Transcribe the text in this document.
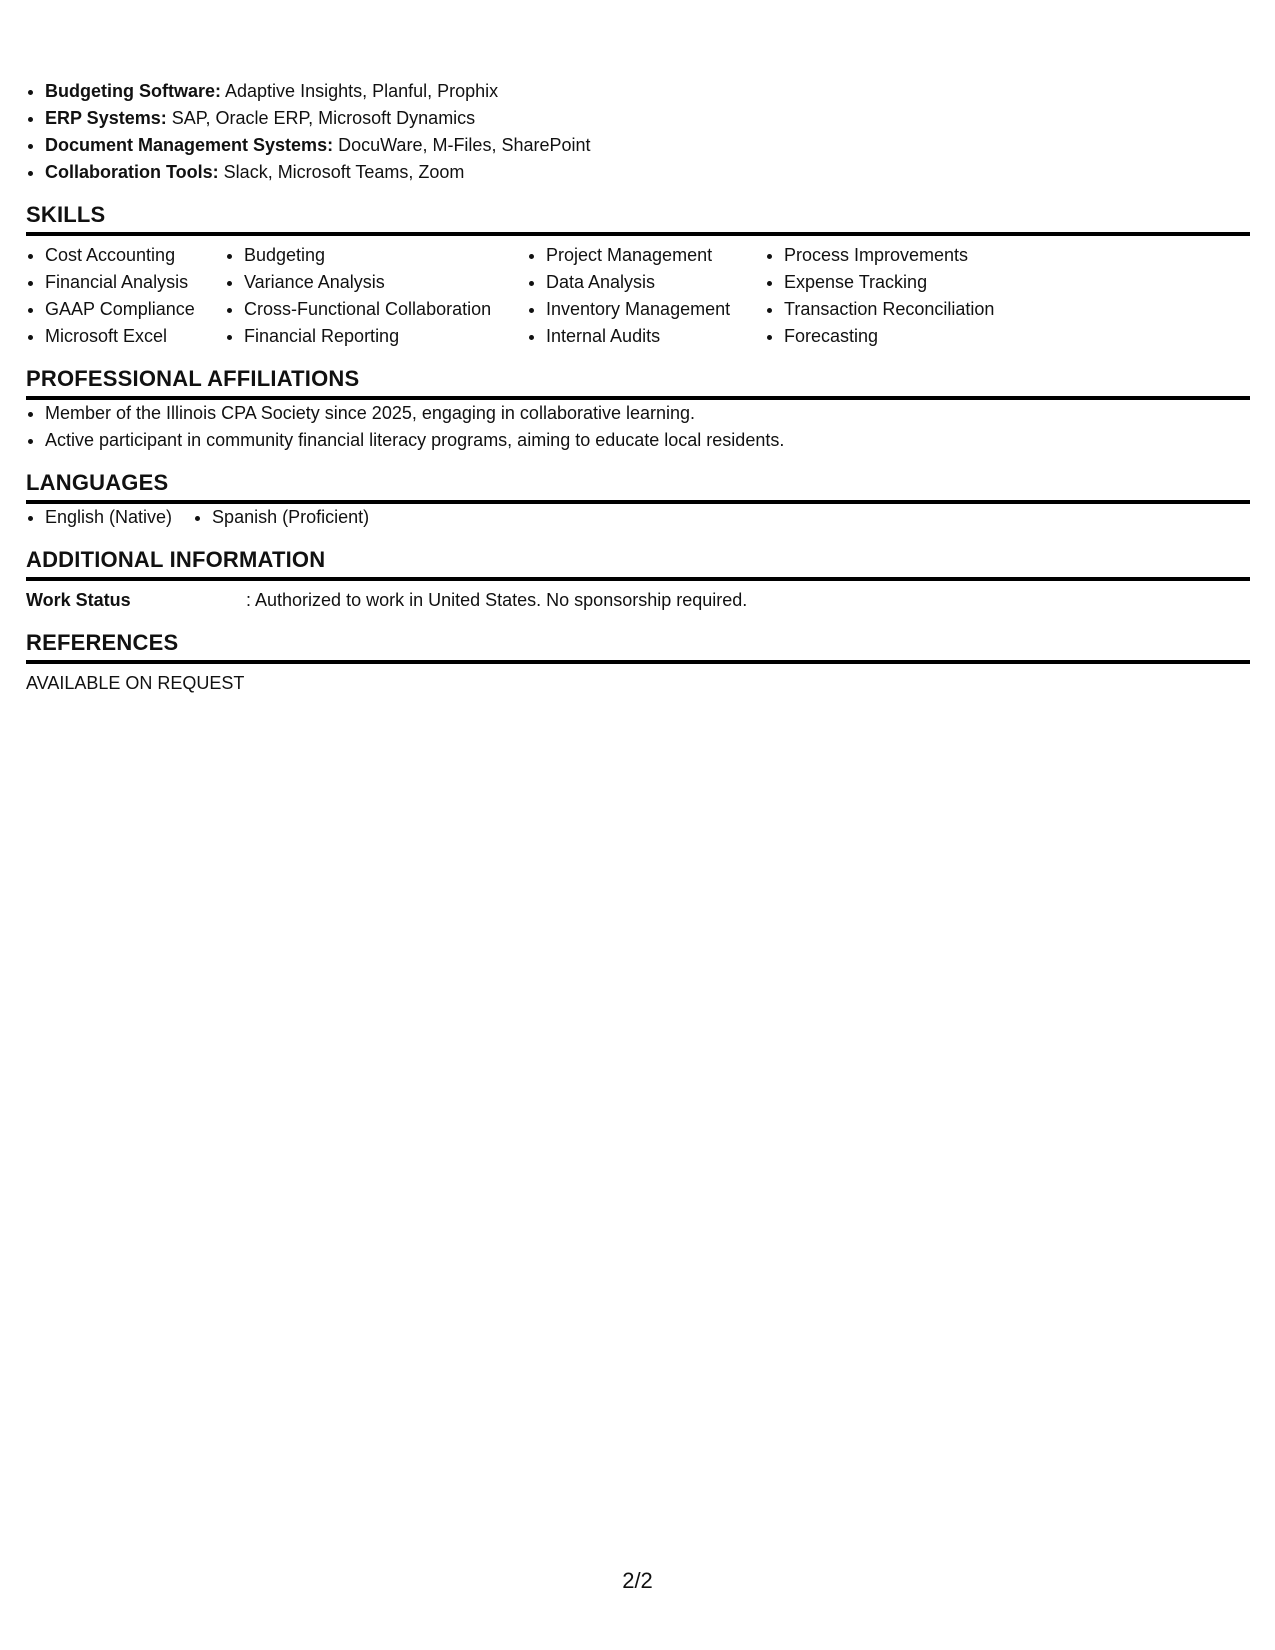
• Budgeting Software: Adaptive Insights, Planful, Prophix
• ERP Systems: SAP, Oracle ERP, Microsoft Dynamics
• Document Management Systems: DocuWare, M-Files, SharePoint
• Collaboration Tools: Slack, Microsoft Teams, Zoom
SKILLS
• Cost Accounting
• Financial Analysis
• GAAP Compliance
• Microsoft Excel
• Budgeting
• Variance Analysis
• Cross-Functional Collaboration
• Financial Reporting
• Project Management
• Data Analysis
• Inventory Management
• Internal Audits
• Process Improvements
• Expense Tracking
• Transaction Reconciliation
• Forecasting
PROFESSIONAL AFFILIATIONS
• Member of the Illinois CPA Society since 2025, engaging in collaborative learning.
• Active participant in community financial literacy programs, aiming to educate local residents.
LANGUAGES
• English (Native)
• Spanish (Proficient)
ADDITIONAL INFORMATION
Work Status	: Authorized to work in United States. No sponsorship required.
REFERENCES
AVAILABLE ON REQUEST
2/2
